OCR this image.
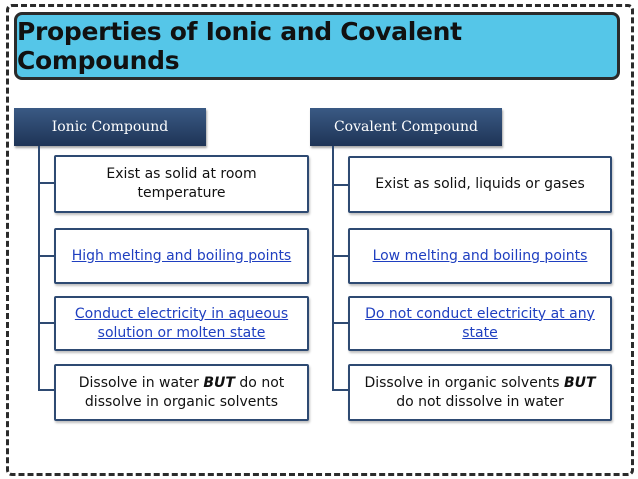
Properties of Ionic and Covalent Compounds
Ionic Compound
Exist as solid at room temperature
High melting and boiling points
Conduct electricity in aqueous solution or molten state
Dissolve in water BUT do not dissolve in organic solvents
Covalent Compound
Exist as solid, liquids or gases
Low melting and boiling points
Do not conduct electricity at any state
Dissolve in organic solvents BUT do not dissolve in water
